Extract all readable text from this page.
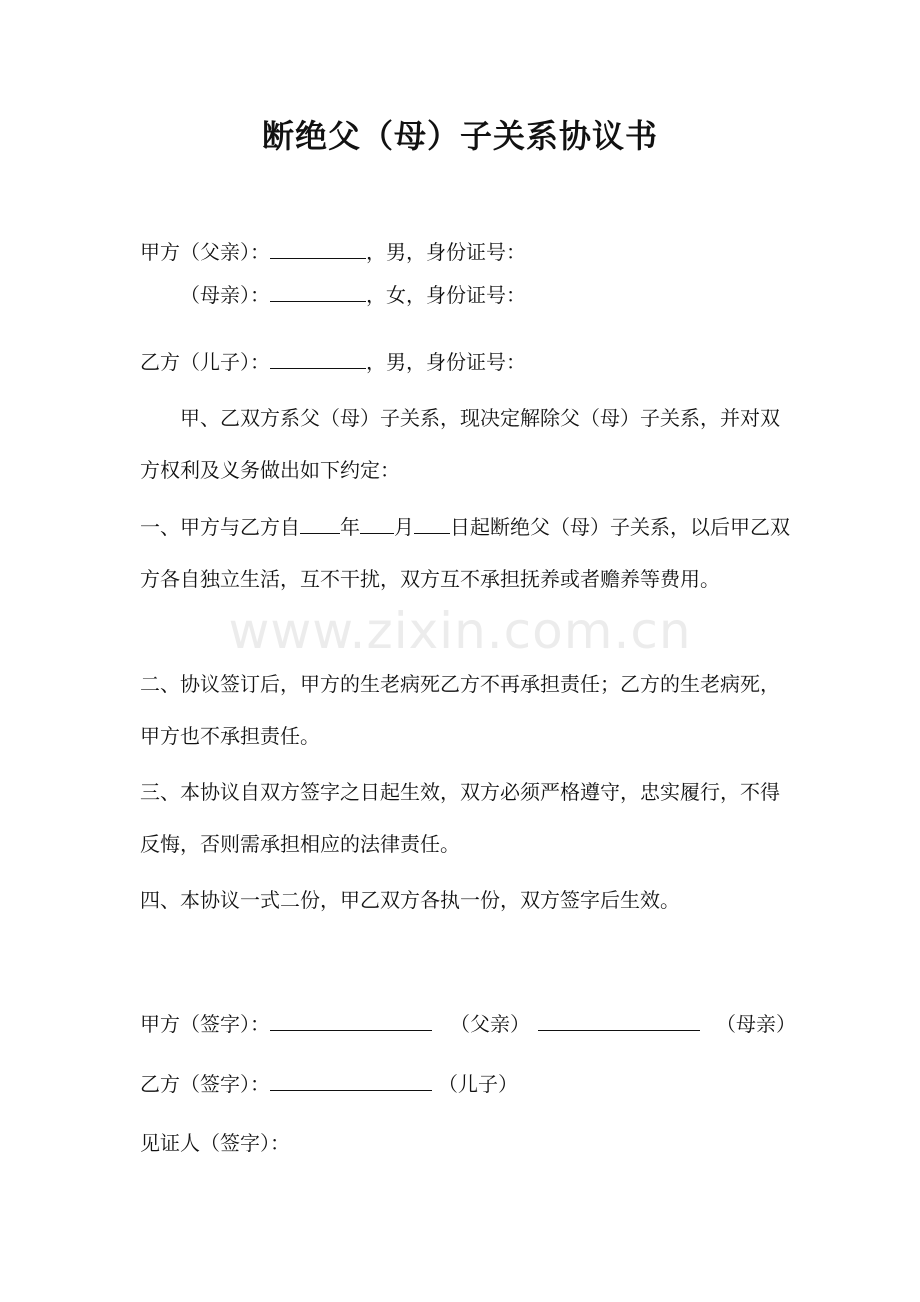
断绝父（母）子关系协议书
甲方（父亲）：	，男，身份证号：
（母亲）：	，女，身份证号：
乙方（儿子）：	，男，身份证号：
甲、乙双方系父（母）子关系，现决定解除父（母）子关系，并对双方权利及义务做出如下约定：
一、甲方与乙方自 年 月 日起断绝父（母）子关系，以后甲乙双方各自独立生活，互不干扰，双方互不承担抚养或者赡养等费用。
二、协议签订后，甲方的生老病死乙方不再承担责任；乙方的生老病死，甲方也不承担责任。
三、本协议自双方签字之日起生效，双方必须严格遵守，忠实履行，不得反悔，否则需承担相应的法律责任。
四、本协议一式二份，甲乙双方各执一份，双方签字后生效。
甲方（签字）：	（父亲）	（母亲）
乙方（签字）：	（儿子）
见证人（签字）：
www.zixin.com.cn
